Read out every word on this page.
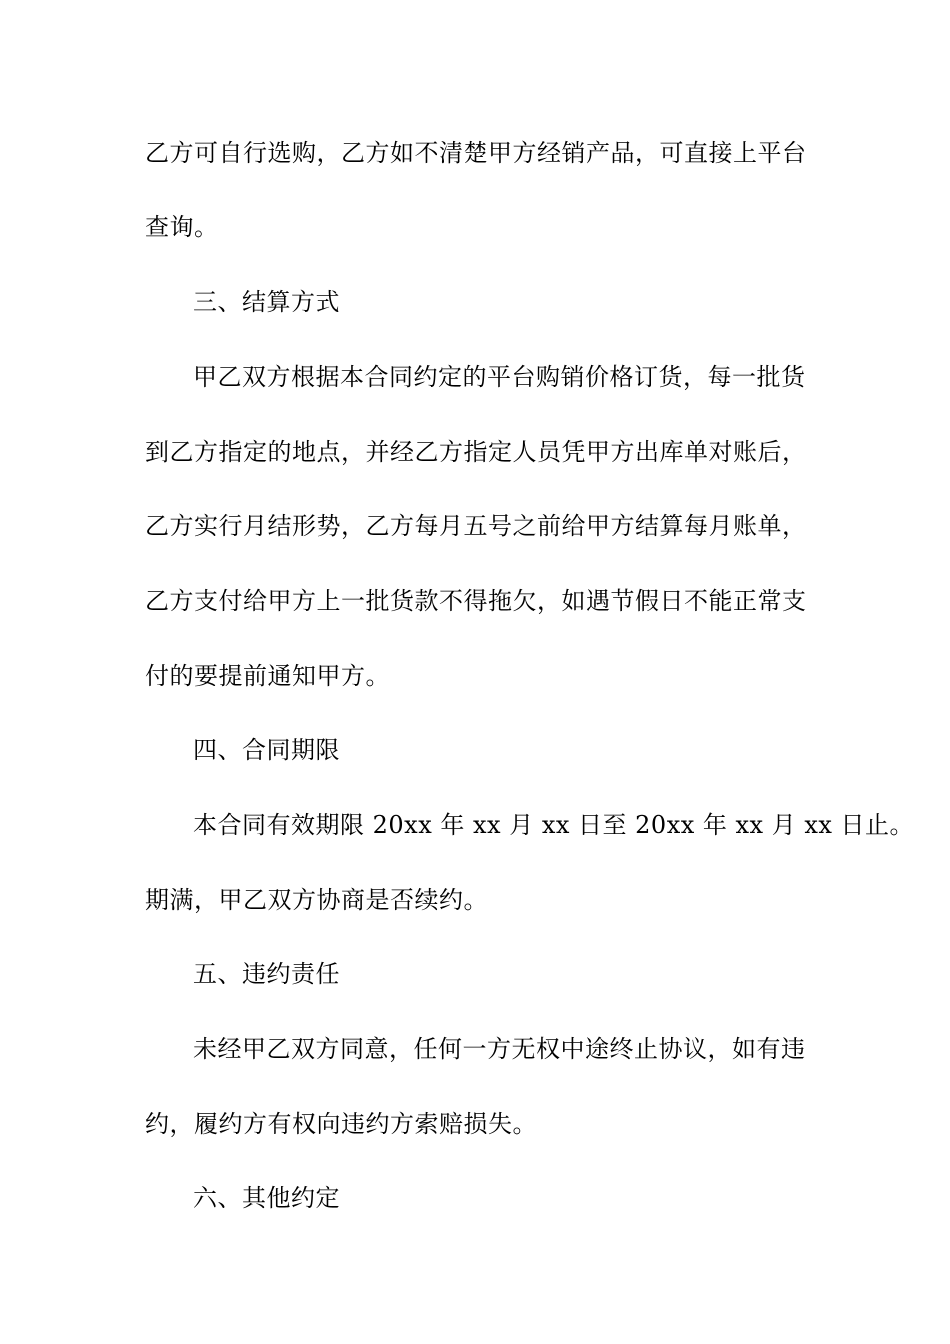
乙方可自行选购，乙方如不清楚甲方经销产品，可直接上平台
查询。
三、结算方式
甲乙双方根据本合同约定的平台购销价格订货，每一批货
到乙方指定的地点，并经乙方指定人员凭甲方出库单对账后，
乙方实行月结形势，乙方每月五号之前给甲方结算每月账单，
乙方支付给甲方上一批货款不得拖欠，如遇节假日不能正常支
付的要提前通知甲方。
四、合同期限
本合同有效期限 20xx 年 xx 月 xx 日至 20xx 年 xx 月 xx 日止。
期满，甲乙双方协商是否续约。
五、违约责任
未经甲乙双方同意，任何一方无权中途终止协议，如有违
约，履约方有权向违约方索赔损失。
六、其他约定
